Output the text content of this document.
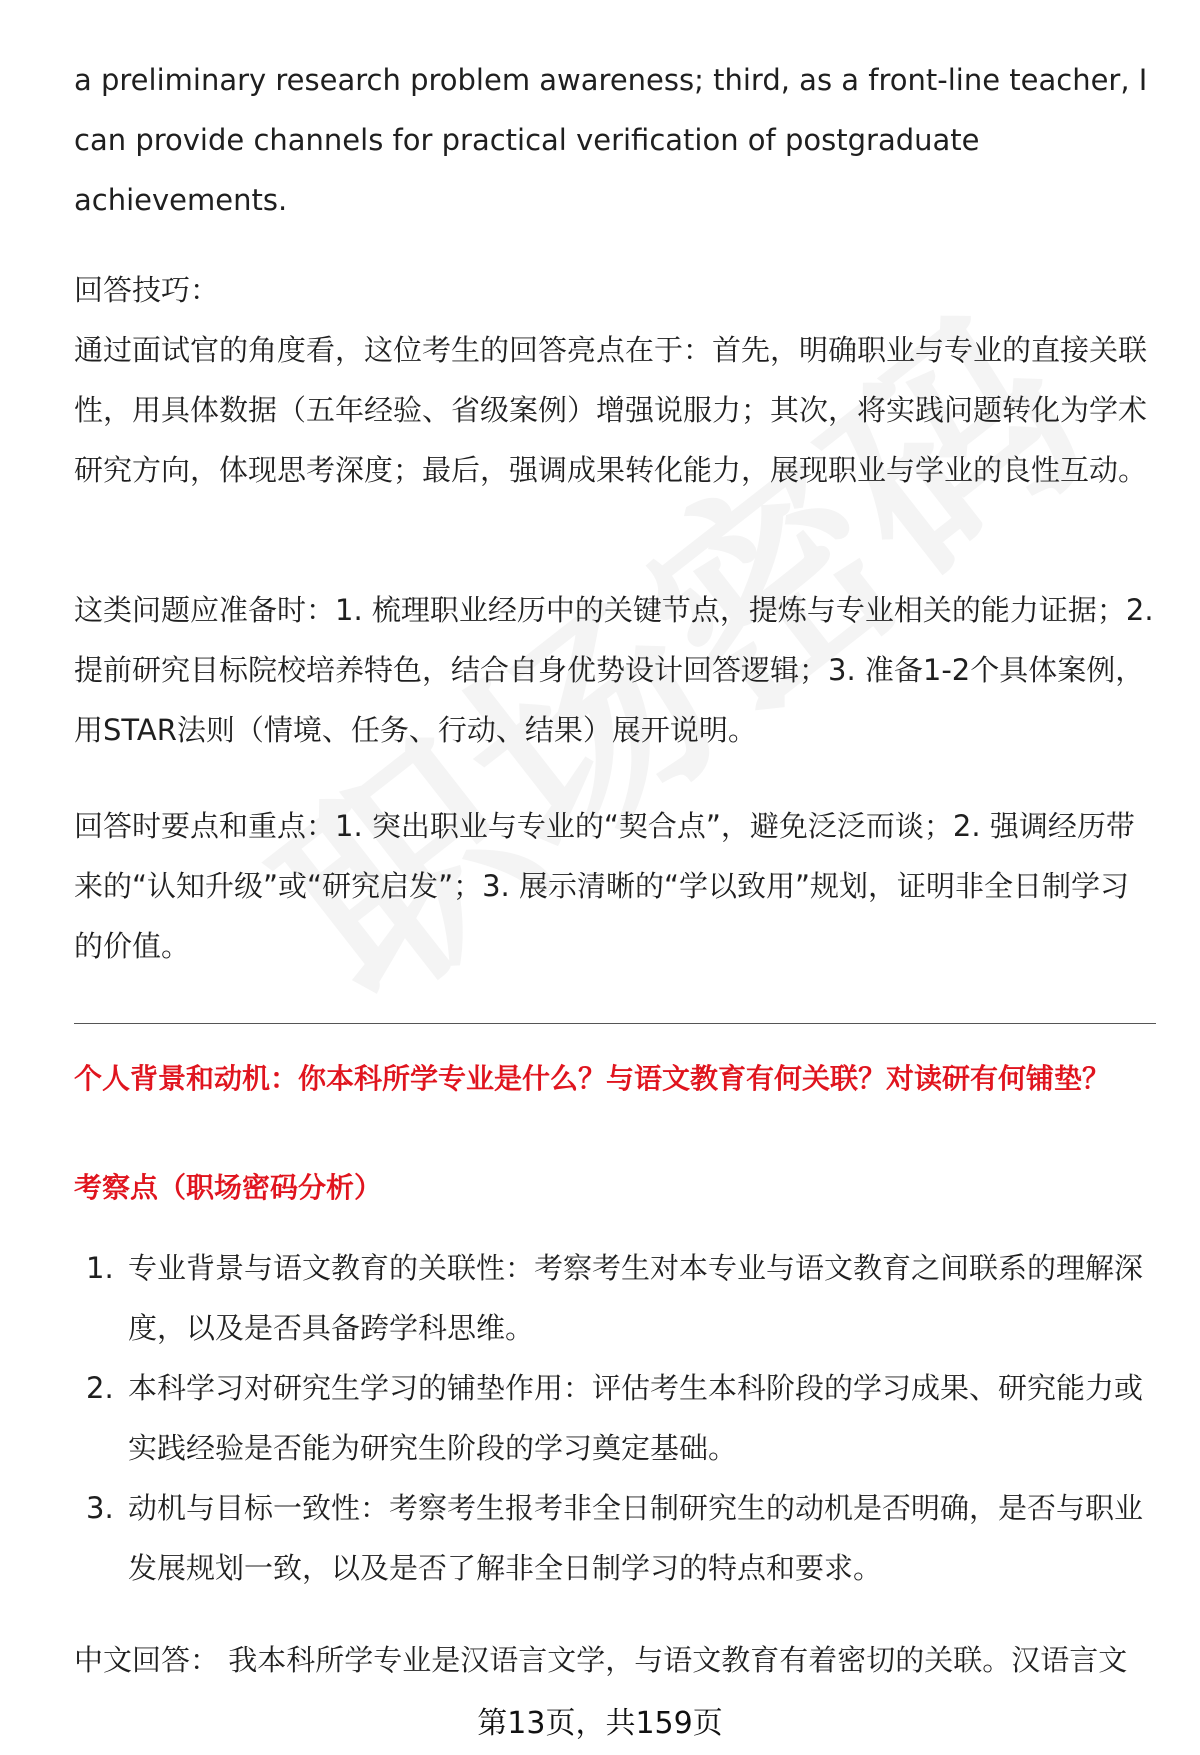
a preliminary research problem awareness; third, as a front-line teacher, I can provide channels for practical verification of postgraduate achievements.

回答技巧：
通过面试官的角度看，这位考生的回答亮点在于：首先，明确职业与专业的直接关联性，用具体数据（五年经验、省级案例）增强说服力；其次，将实践问题转化为学术研究方向，体现思考深度；最后，强调成果转化能力，展现职业与学业的良性互动。

这类问题应准备时：1. 梳理职业经历中的关键节点，提炼与专业相关的能力证据；2. 提前研究目标院校培养特色，结合自身优势设计回答逻辑；3. 准备1-2个具体案例，用STAR法则（情境、任务、行动、结果）展开说明。

回答时要点和重点：1. 突出职业与专业的“契合点”，避免泛泛而谈；2. 强调经历带来的“认知升级”或“研究启发”；3. 展示清晰的“学以致用”规划，证明非全日制学习的价值。

个人背景和动机：你本科所学专业是什么？与语文教育有何关联？对读研有何铺垫？

考察点（职场密码分析）

1. 专业背景与语文教育的关联性：考察考生对本专业与语文教育之间联系的理解深度，以及是否具备跨学科思维。
2. 本科学习对研究生学习的铺垫作用：评估考生本科阶段的学习成果、研究能力或实践经验是否能为研究生阶段的学习奠定基础。
3. 动机与目标一致性：考察考生报考非全日制研究生的动机是否明确，是否与职业发展规划一致，以及是否了解非全日制学习的特点和要求。

中文回答： 我本科所学专业是汉语言文学，与语文教育有着密切的关联。汉语言文

第13页，共159页
